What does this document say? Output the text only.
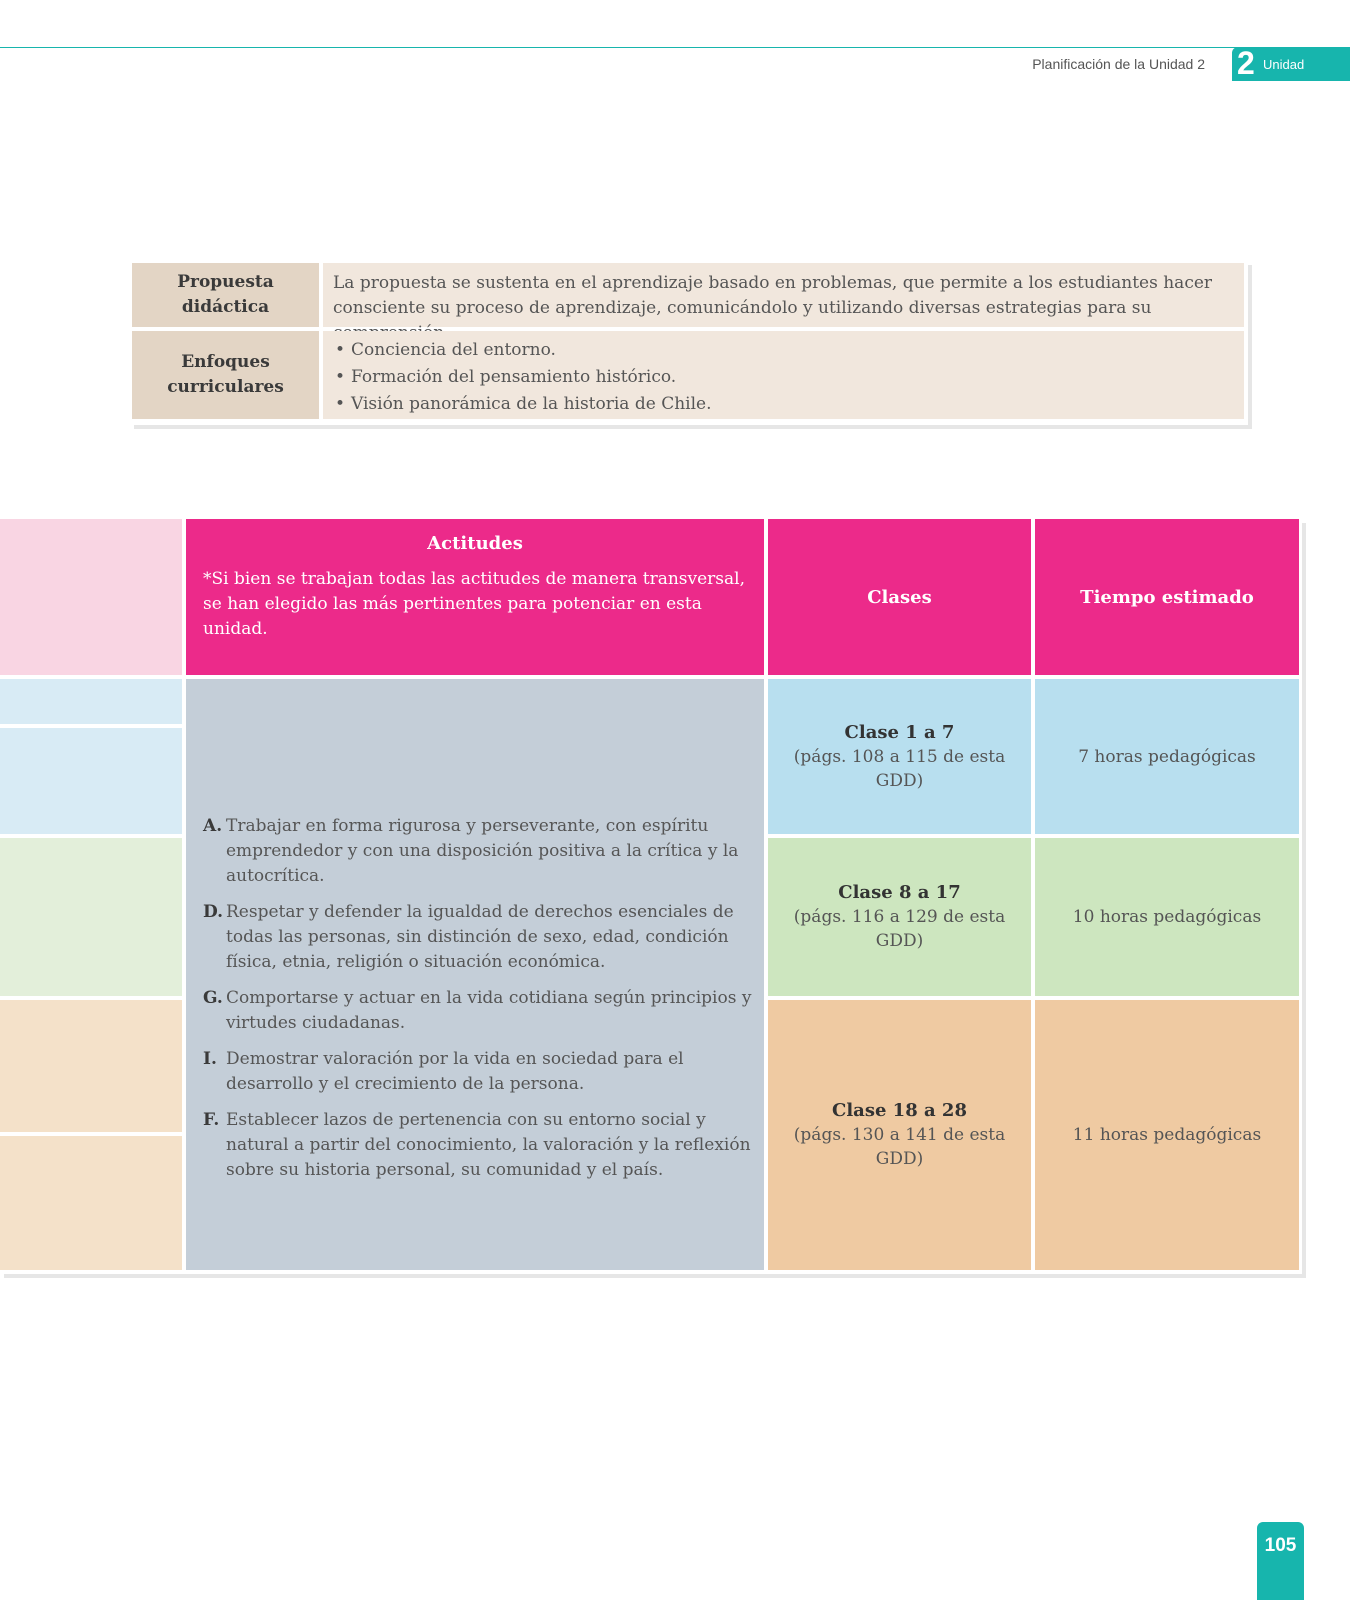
Planificación de la Unidad 2 2 Unidad
Propuesta didáctica
La propuesta se sustenta en el aprendizaje basado en problemas, que permite a los estudiantes hacer consciente su proceso de aprendizaje, comunicándolo y utilizando diversas estrategias para su
Enfoques curriculares
• Conciencia del entorno.
• Formación del pensamiento histórico.
• Visión panorámica de la historia de Chile.
Actitudes
*Si bien se trabajan todas las actitudes de manera transversal, se han elegido las más pertinentes para potenciar en esta unidad.
Clases	Tiempo estimado
A. Trabajar en forma rigurosa y perseverante, con espíritu emprendedor y con una disposición positiva a la crítica y la autocrítica.
D. Respetar y defender la igualdad de derechos esenciales de todas las personas, sin distinción de sexo, edad, condición física, etnia, religión o situación económica.
G. Comportarse y actuar en la vida cotidiana según principios y virtudes ciudadanas.
I. Demostrar valoración por la vida en sociedad para el desarrollo y el crecimiento de la persona.
F. Establecer lazos de pertenencia con su entorno social y natural a partir del conocimiento, la valoración y la reflexión sobre su historia personal, su comunidad y el país.
Clase 1 a 7
(págs. 108 a 115 de esta GDD)
7 horas pedagógicas
Clase 8 a 17
(págs. 116 a 129 de esta GDD)
10 horas pedagógicas
Clase 18 a 28
(págs. 130 a 141 de esta GDD)
11 horas pedagógicas
105
